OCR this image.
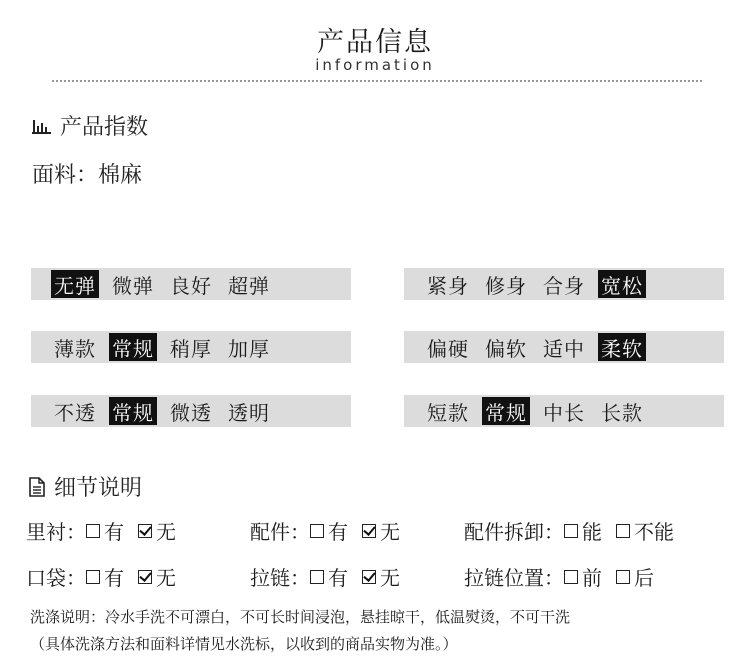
产品信息
information
产品指数
面料：棉麻
无弹 微弹 良好 超弹	紧身 修身 合身 宽松
薄款 常规 稍厚 加厚	偏硬 偏软 适中 柔软
不透 常规 微透 透明	短款 常规 中长 长款
细节说明
里衬： 有 无	配件： 有 无	配件拆卸： 能 不能
口袋： 有 无	拉链： 有 无	拉链位置： 前 后
洗涤说明：冷水手洗不可漂白，不可长时间浸泡，悬挂晾干，低温熨烫，不可干洗
（具体洗涤方法和面料详情见水洗标，以收到的商品实物为准。）
